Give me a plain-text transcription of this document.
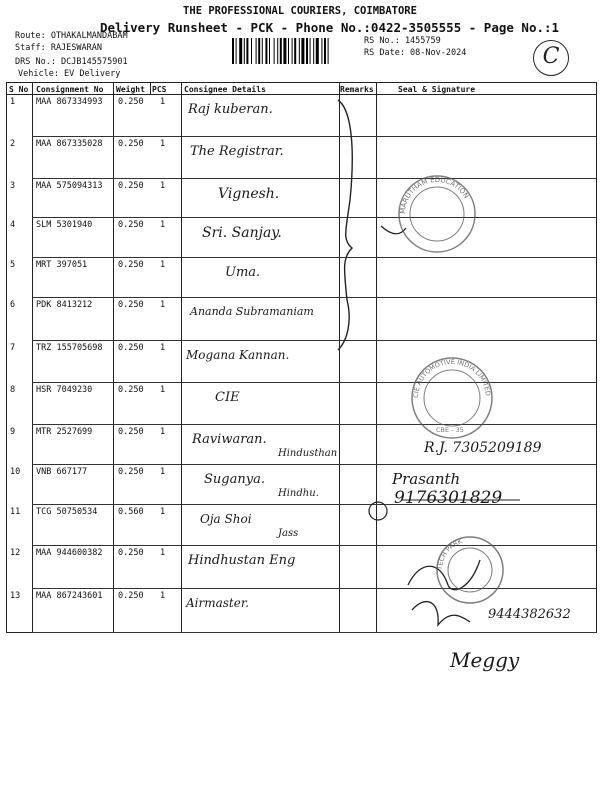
THE PROFESSIONAL COURIERS, COIMBATORE
Delivery Runsheet - PCK - Phone No.:0422-3505555 - Page No.:1
Route: OTHAKALMANDABAM
Staff: RAJESWARAN
DRS No.: DCJB145575901
Vehicle: EV Delivery
RS No.: 1455759
RS Date: 08-Nov-2024	C
S No Consignment No Weight PCS Consignee Details	Remarks	Seal & Signature
1 MAA 867334993 0.250 1 Raj kuberan.
2 MAA 867335028 0.250 1 The Registrar.
3 MAA 575094313 0.250 1	Vignesh.
4 SLM 5301940	0.250 1	Sri. Sanjay.
5 MRT 397051	0.250 1	Uma.
6 PDK 8413212	0.250 1 Ananda Subramaniam
7 TRZ 155705698 0.250 1 Mogana Kannan.
8 HSR 7049230	0.250 1	CIE
9 MTR 2527699	0.250 1 Raviwaran.
Hindusthan
10 VNB 667177	0.250 1	Suganya.
Hindhu.
11 TCG 50750534 0.560 1	Oja Shoi
Jass
12 MAA 944600382 0.250 1 Hindhustan Eng
13 MAA 867243601 0.250 1 Airmaster.
MARUTHAM EDUCATION
CIE AUTOMOTIVE INDIA LIMITED
CBE - 35
TECH PARK
R.J. 7305209189
Prasanth
9176301829
9444382632
Meggy
